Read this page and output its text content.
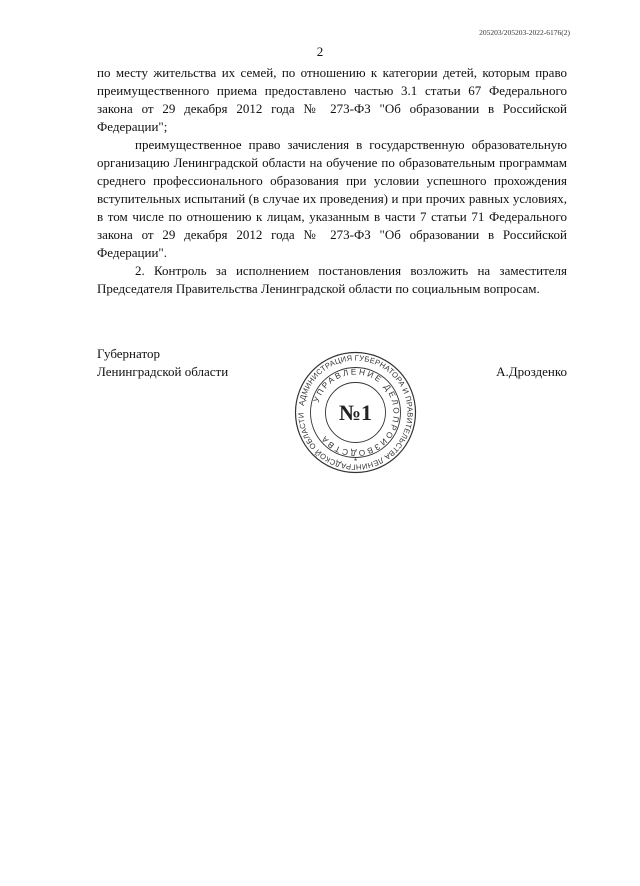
205203/205203-2022-6176(2)
2

по месту жительства их семей, по отношению к категории детей, которым право преимущественного приема предоставлено частью 3.1 статьи 67 Федерального закона от 29 декабря 2012 года № 273-ФЗ "Об образовании в Российской Федерации";

преимущественное право зачисления в государственную образовательную организацию Ленинградской области на обучение по образовательным программам среднего профессионального образования при условии успешного прохождения вступительных испытаний (в случае их проведения) и при прочих равных условиях, в том числе по отношению к лицам, указанным в части 7 статьи 71 Федерального закона от 29 декабря 2012 года № 273-ФЗ "Об образовании в Российской Федерации".

2. Контроль за исполнением постановления возложить на заместителя Председателя Правительства Ленинградской области по социальным вопросам.

Губернатор
Ленинградской области	А.Дрозденко
АДМИНИСТРАЦИЯ ГУБЕРНАТОРА И ПРАВИТЕЛЬСТВА ЛЕНИНГРАДСКОЙ ОБЛАСТИ
УПРАВЛЕНИЕ ДЕЛОПРОИЗВОДСТВА
№1
*
